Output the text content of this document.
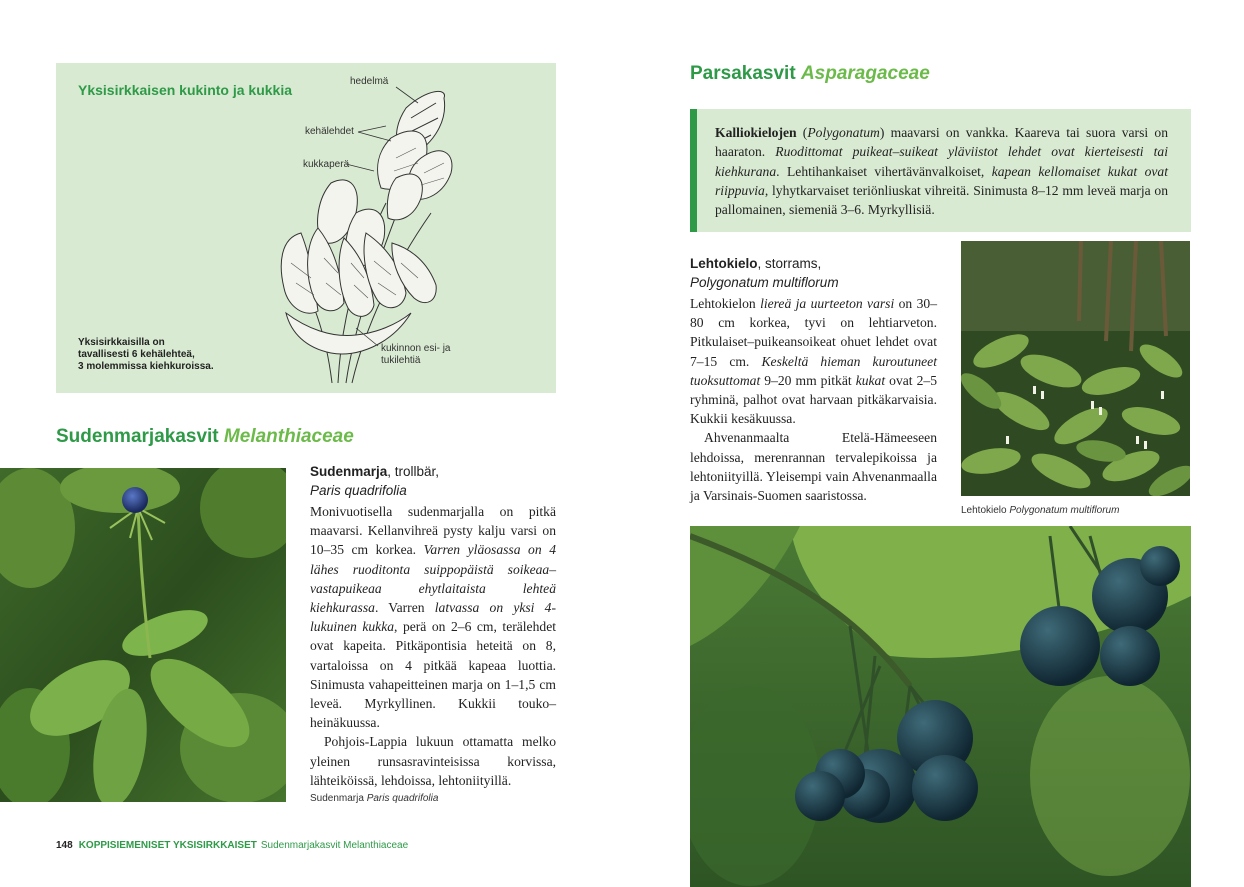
Yksisirkkaisen kukinto ja kukkia
hedelmä
kehälehdet
kukkaperä
kukinnon esi- ja
tukilehtiä
Yksisirkkaisilla on
tavallisesti 6 kehälehteä,
3 molemmissa kiehkuroissa.
Sudenmarjakasvit Melanthiaceae
Sudenmarja, trollbär,
Paris quadrifolia

Monivuotisella sudenmarjalla on pitkä maavarsi. Kellanvihreä pysty kalju varsi on 10–35 cm korkea. Varren yläosassa on 4 lähes ruoditonta suippopäistä soikeaa–vastapuikeaa ehytlaitaista lehteä kiehkurassa. Varren latvassa on yksi 4-lukuinen kukka, perä on 2–6 cm, terälehdet ovat kapeita. Pitkäpontisia heteitä on 8, vartaloissa on 4 pitkää kapeaa luottia. Sinimusta vahapeitteinen marja on 1–1,5 cm leveä. Myrkyllinen. Kukkii touko–heinäkuussa.

Pohjois-Lappia lukuun ottamatta melko yleinen runsasravinteisissa korvissa, lähteiköissä, lehdoissa, lehtoniityillä.

Sudenmarja Paris quadrifolia
148 KOPPISIEMENISET YKSISIRKKAISET Sudenmarjakasvit Melanthiaceae
Parsakasvit Asparagaceae
Kalliokielojen (Polygonatum) maavarsi on vankka. Kaareva tai suora varsi on haaraton. Ruodittomat puikeat–suikeat yläviistot lehdet ovat kierteisesti tai kiehkurana. Lehtihankaiset vihertävänvalkoiset, kapean kellomaiset kukat ovat riippuvia, lyhytkarvaiset teriönliuskat vihreitä. Sinimusta 8–12 mm leveä marja on pallomainen, siemeniä 3–6. Myrkyllisiä.
Lehtokielo, storrams,
Polygonatum multiflorum

Lehtokielon liereä ja uurteeton varsi on 30–80 cm korkea, tyvi on lehtiarveton. Pitkulaiset–puikeansoikeat ohuet lehdet ovat 7–15 cm. Keskeltä hieman kuroutuneet tuoksuttomat 9–20 mm pitkät kukat ovat 2–5 ryhminä, palhot ovat harvaan pitkäkarvaisia. Kukkii kesäkuussa.

Ahvenanmaalta Etelä-Hämeeseen lehdoissa, merenrannan tervalepikoissa ja lehtoniityillä. Yleisempi vain Ahvenanmaalla ja Varsinais-Suomen saaristossa.

Lehtokielo Polygonatum multiflorum
